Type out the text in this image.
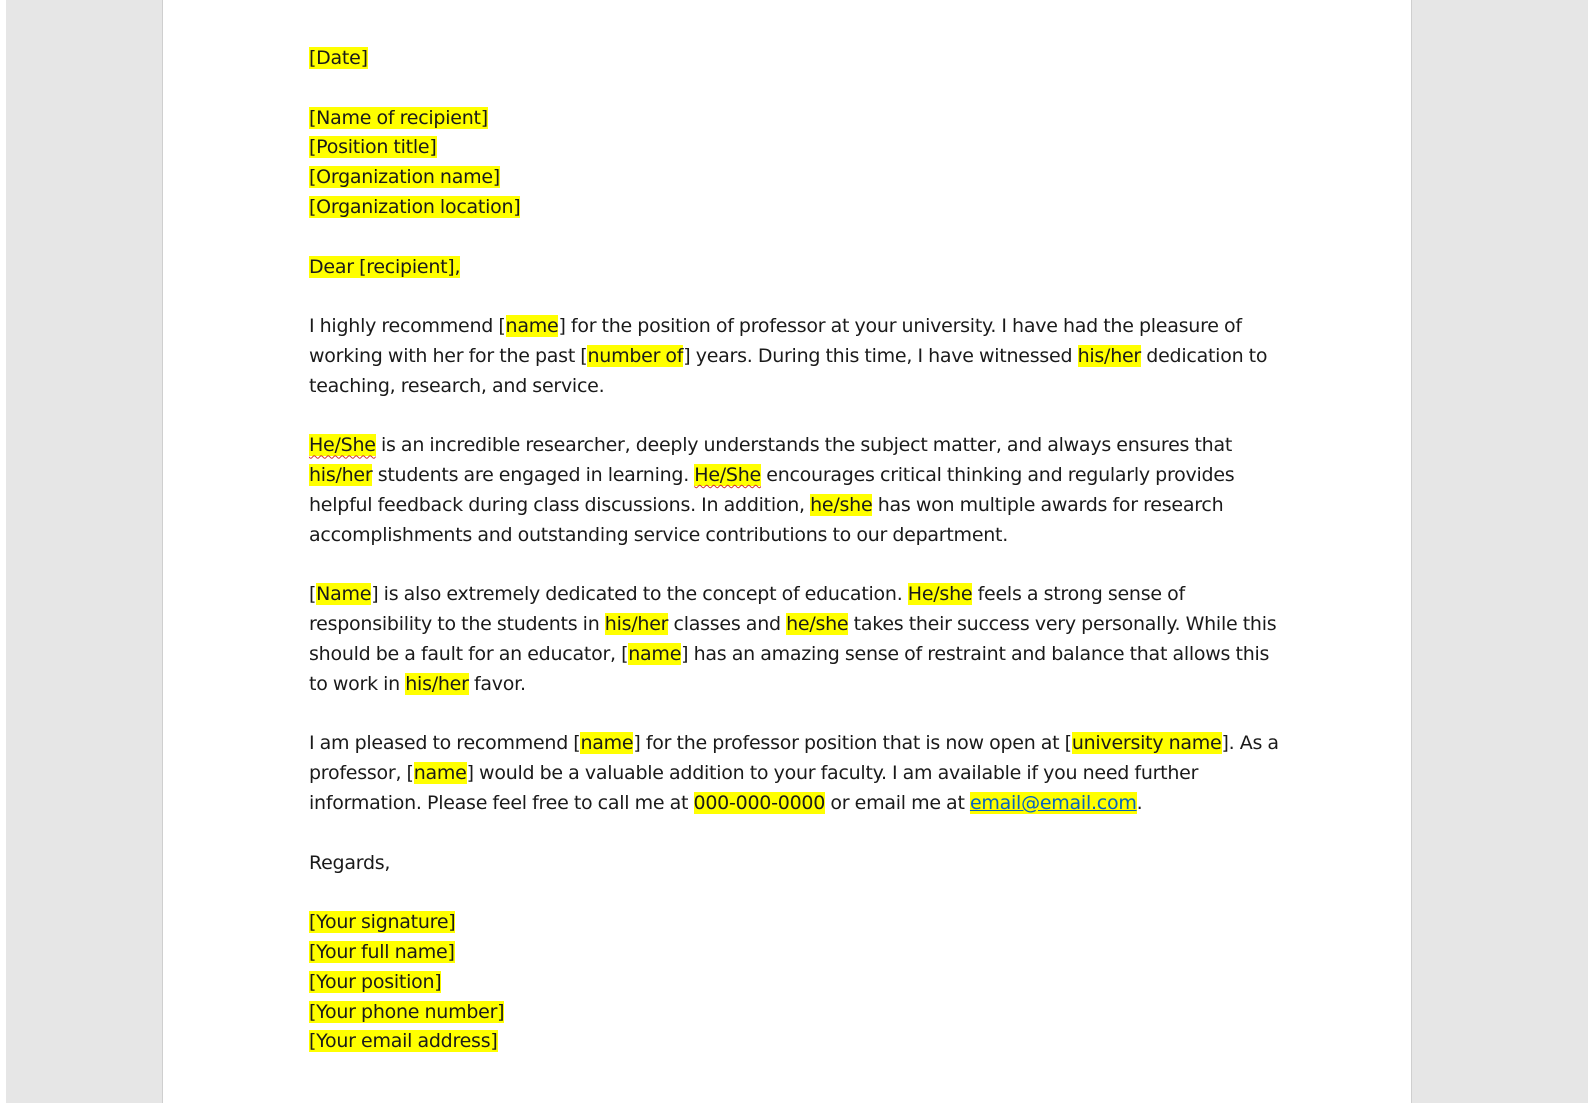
[Date]

[Name of recipient]

[Position title]

[Organization name]

[Organization location]

Dear [recipient],

I highly recommend [name] for the position of professor at your university. I have had the pleasure of working with her for the past [number of] years. During this time, I have witnessed his/her dedication to teaching, research, and service.

He/She is an incredible researcher, deeply understands the subject matter, and always ensures that his/her students are engaged in learning. He/She encourages critical thinking and regularly provides helpful feedback during class discussions. In addition, he/she has won multiple awards for research accomplishments and outstanding service contributions to our department.

[Name] is also extremely dedicated to the concept of education. He/she feels a strong sense of responsibility to the students in his/her classes and he/she takes their success very personally. While this should be a fault for an educator, [name] has an amazing sense of restraint and balance that allows this to work in his/her favor.

I am pleased to recommend [name] for the professor position that is now open at [university name]. As a professor, [name] would be a valuable addition to your faculty. I am available if you need further information. Please feel free to call me at 000-000-0000 or email me at email@email.com.

Regards,

[Your signature]

[Your full name]

[Your position]

[Your phone number]

[Your email address]
